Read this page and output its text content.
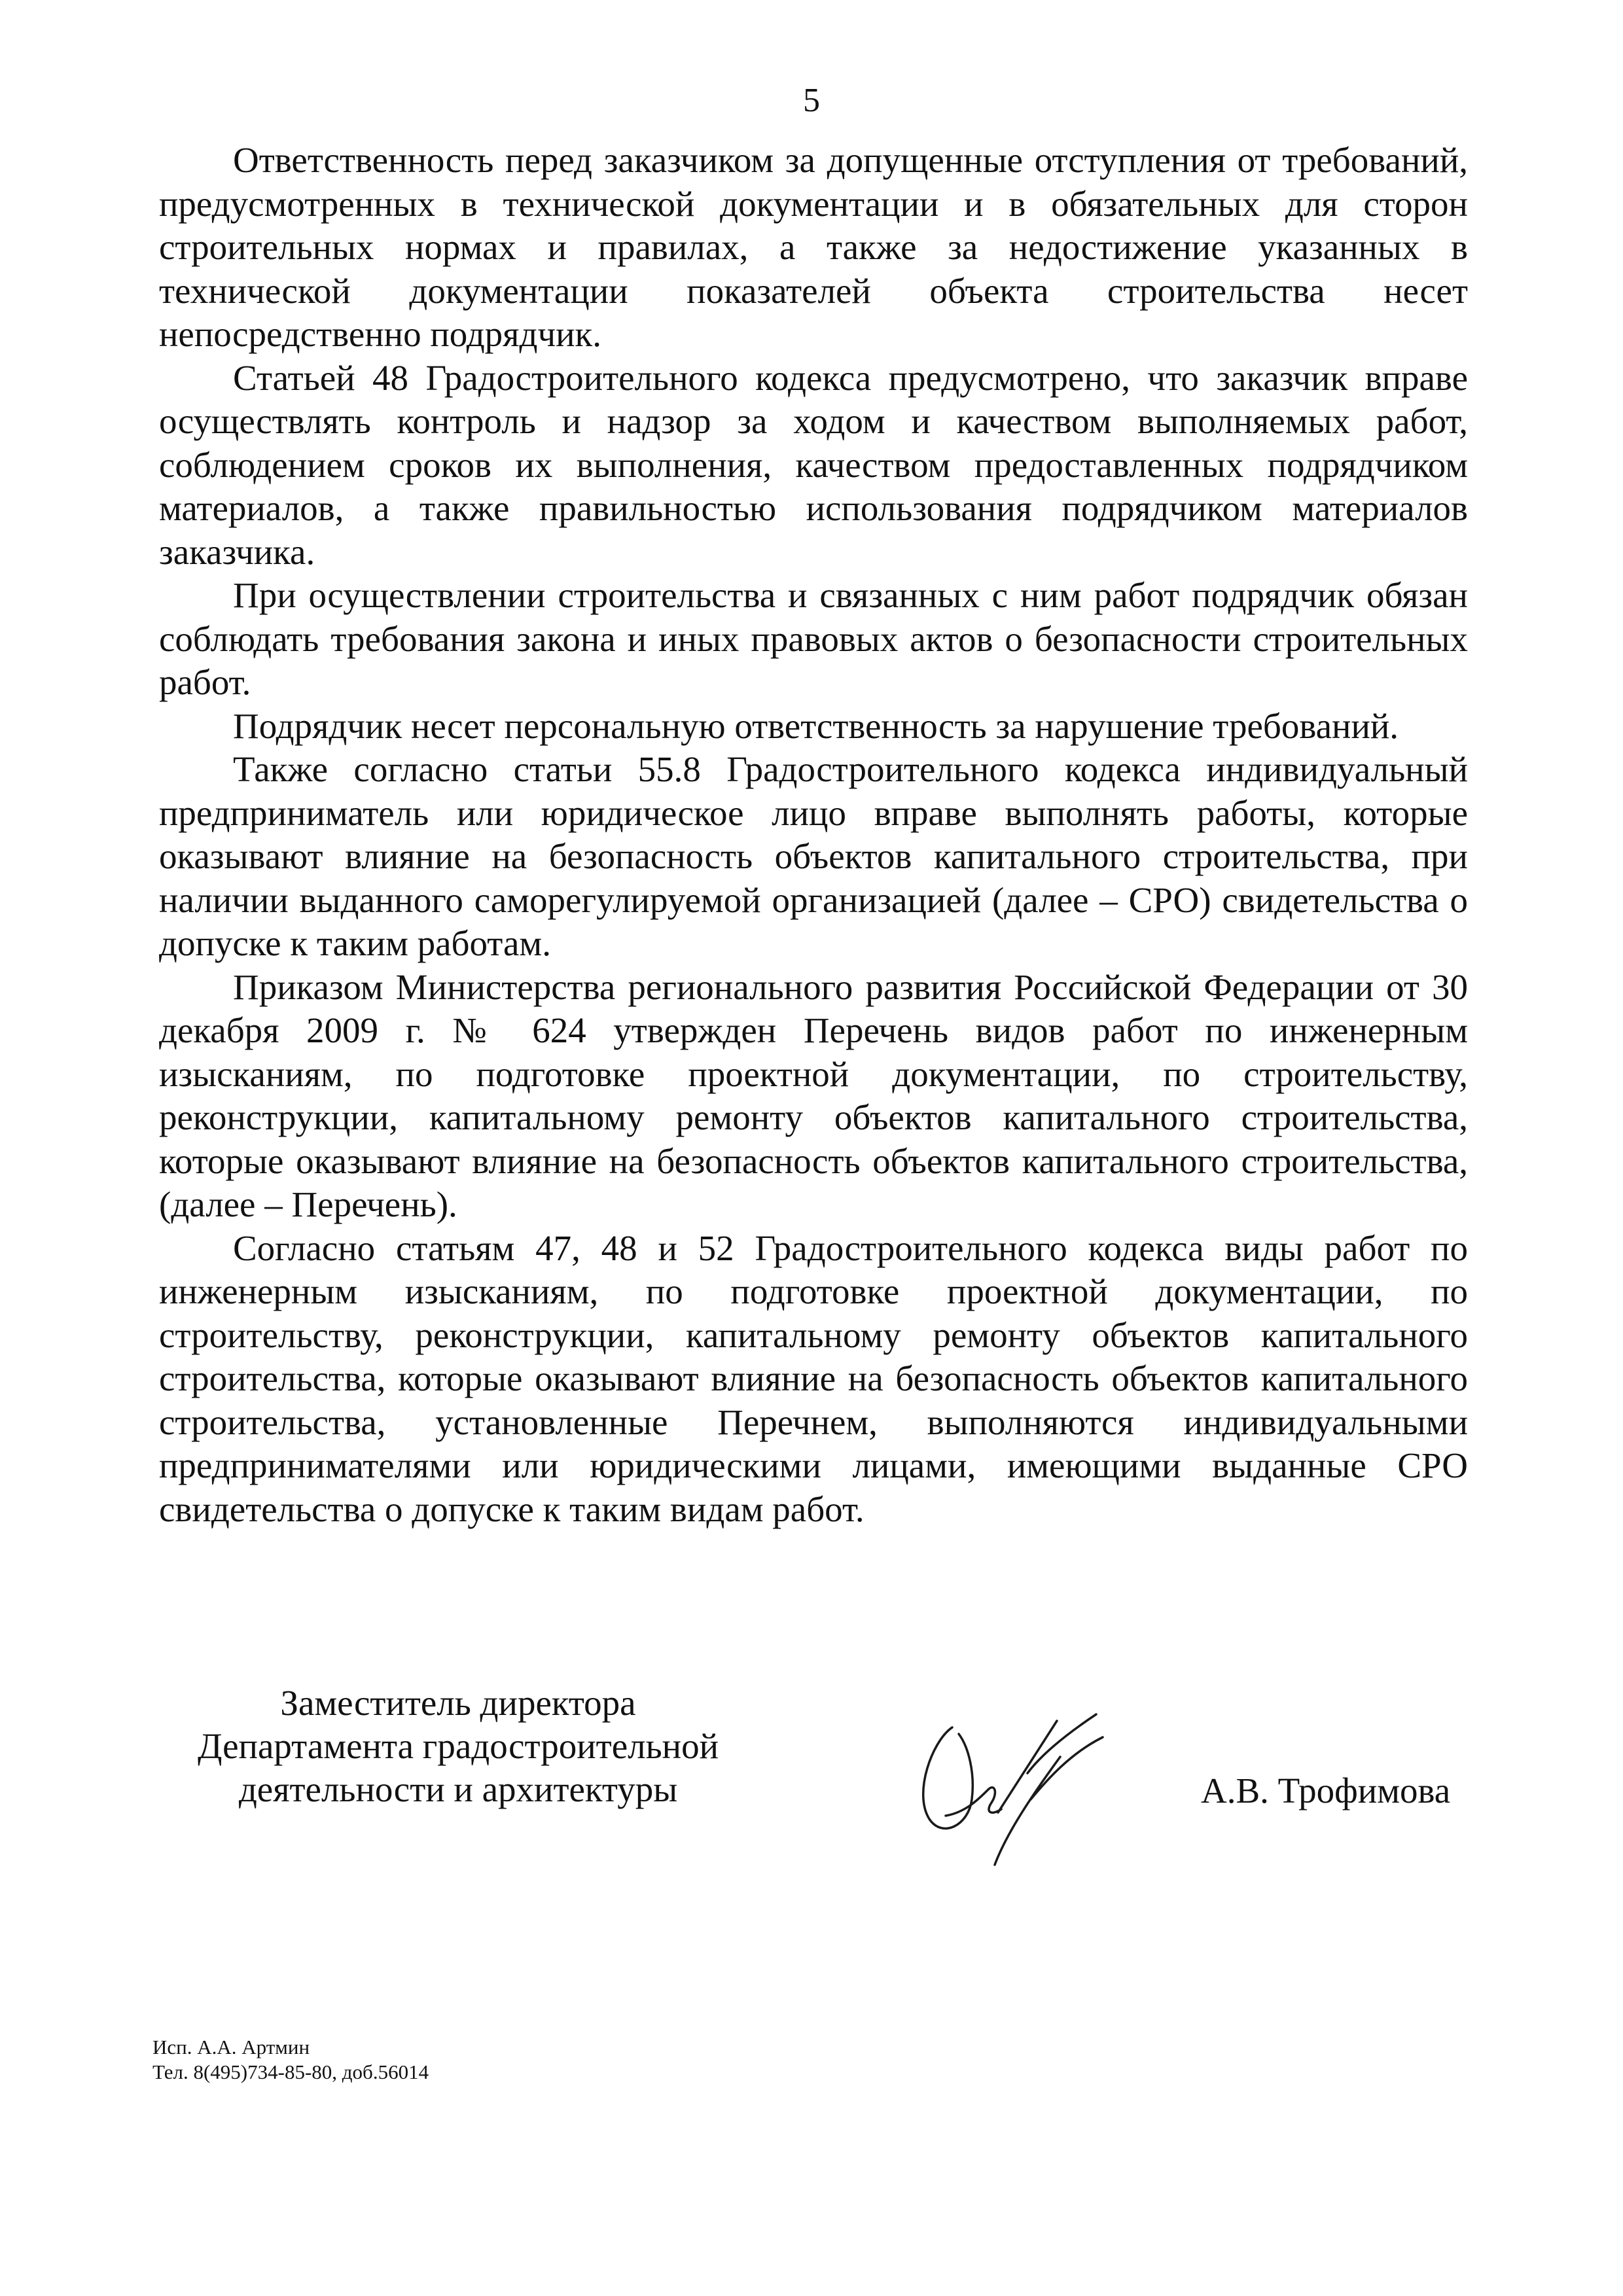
5

Ответственность перед заказчиком за допущенные отступления от требований, предусмотренных в технической документации и в обязательных для сторон строительных нормах и правилах, а также за недостижение указанных в технической документации показателей объекта строительства несет непосредственно подрядчик.

Статьей 48 Градостроительного кодекса предусмотрено, что заказчик вправе осуществлять контроль и надзор за ходом и качеством выполняемых работ, соблюдением сроков их выполнения, качеством предоставленных подрядчиком материалов, а также правильностью использования подрядчиком материалов заказчика.

При осуществлении строительства и связанных с ним работ подрядчик обязан соблюдать требования закона и иных правовых актов о безопасности строительных работ.

Подрядчик несет персональную ответственность за нарушение требований.

Также согласно статьи 55.8 Градостроительного кодекса индивидуальный предприниматель или юридическое лицо вправе выполнять работы, которые оказывают влияние на безопасность объектов капитального строительства, при наличии выданного саморегулируемой организацией (далее – СРО) свидетельства о допуске к таким работам.

Приказом Министерства регионального развития Российской Федерации от 30 декабря 2009 г. № 624 утвержден Перечень видов работ по инженерным изысканиям, по подготовке проектной документации, по строительству, реконструкции, капитальному ремонту объектов капитального строительства, которые оказывают влияние на безопасность объектов капитального строительства, (далее – Перечень).

Согласно статьям 47, 48 и 52 Градостроительного кодекса виды работ по инженерным изысканиям, по подготовке проектной документации, по строительству, реконструкции, капитальному ремонту объектов капитального строительства, которые оказывают влияние на безопасность объектов капитального строительства, установленные Перечнем, выполняются индивидуальными предпринимателями или юридическими лицами, имеющими выданные СРО свидетельства о допуске к таким видам работ.

Заместитель директора
Департамента градостроительной
деятельности и архитектуры	А.В. Трофимова
Исп. А.А. Артмин
Тел. 8(495)734-85-80, доб.56014
